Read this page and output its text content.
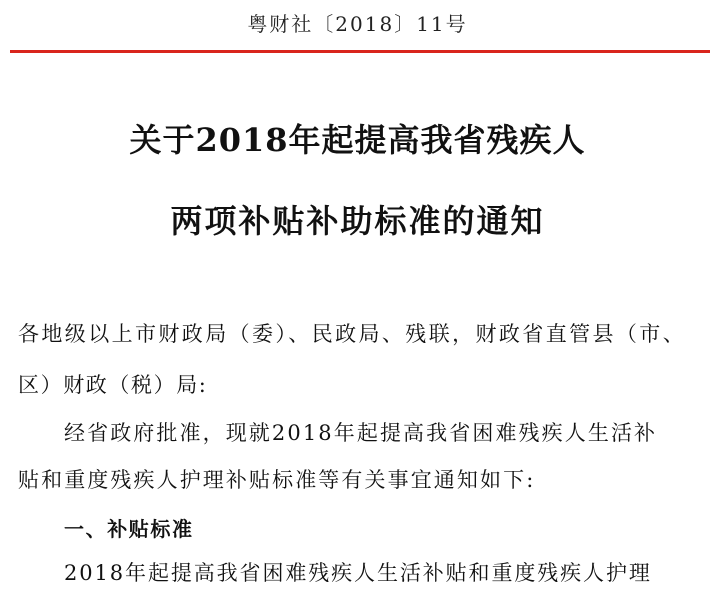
粤财社〔2018〕11号
关于2018年起提高我省残疾人
两项补贴补助标准的通知
各地级以上市财政局（委）、民政局、残联，财政省直管县（市、
区）财政（税）局:
经省政府批准，现就2018年起提高我省困难残疾人生活补
贴和重度残疾人护理补贴标准等有关事宜通知如下:
一、补贴标准
2018年起提高我省困难残疾人生活补贴和重度残疾人护理
